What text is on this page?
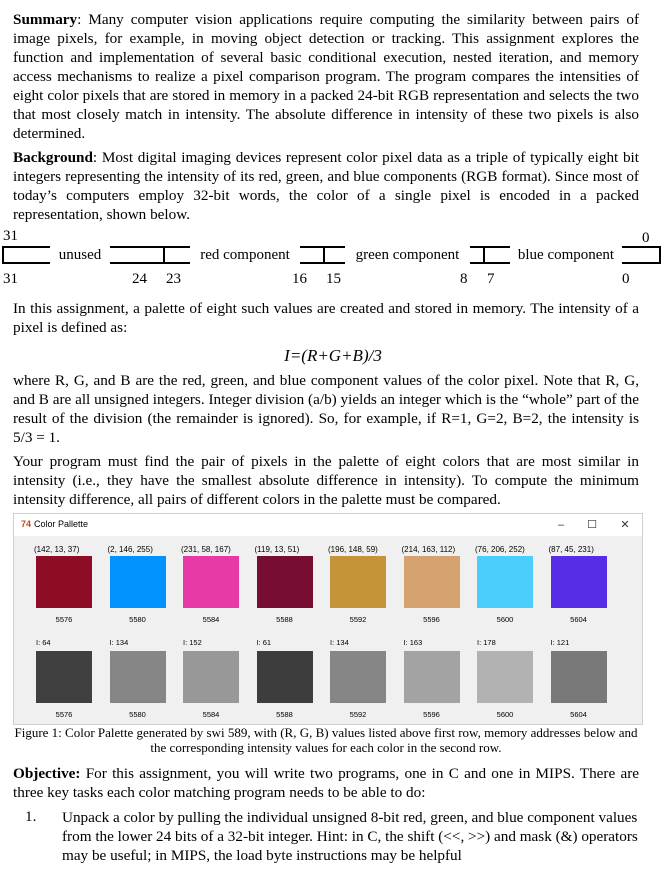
Summary: Many computer vision applications require computing the similarity between pairs of image pixels, for example, in moving object detection or tracking. This assignment explores the function and implementation of several basic conditional execution, nested iteration, and memory access mechanisms to realize a pixel comparison program. The program compares the intensities of eight color pixels that are stored in memory in a packed 24-bit RGB representation and selects the two that most closely match in intensity. The absolute difference in intensity of these two pixels is also determined.

Background: Most digital imaging devices represent color pixel data as a triple of typically eight bit integers representing the intensity of its red, green, and blue components (RGB format). Since most of today’s computers employ 32-bit words, the color of a single pixel is encoded in a packed representation, shown below.

31	0
unused	red component	green component	blue component
31	24 23	16 15	8 7	0

In this assignment, a palette of eight such values are created and stored in memory. The intensity of a pixel is defined as:

I=(R+G+B)/3

where R, G, and B are the red, green, and blue component values of the color pixel. Note that R, G, and B are all unsigned integers. Integer division (a/b) yields an integer which is the “whole” part of the result of the division (the remainder is ignored). So, for example, if R=1, G=2, B=2, the intensity is 5/3 = 1.

Your program must find the pair of pixels in the palette of eight colors that are most similar in intensity (i.e., they have the smallest absolute difference in intensity). To compute the minimum intensity difference, all pairs of different colors in the palette must be compared.

74 Color Pallette	–	☐	✕
(142, 13, 37)
5576
I: 64
5576
(2, 146, 255)
5580
I: 134
5580
(231, 58, 167)
5584
I: 152
5584
(119, 13, 51)
5588
I: 61
5588
(196, 148, 59)
5592
I: 134
5592
(214, 163, 112)
5596
I: 163
5596
(76, 206, 252)
5600
I: 178
5600
(87, 45, 231)
5604
I: 121
5604
Figure 1: Color Palette generated by swi 589, with (R, G, B) values listed above first row, memory addresses below and the corresponding intensity values for each color in the second row.

Objective: For this assignment, you will write two programs, one in C and one in MIPS. There are three key tasks each color matching program needs to be able to do:

1. Unpack a color by pulling the individual unsigned 8-bit red, green, and blue component values from the lower 24 bits of a 32-bit integer. Hint: in C, the shift (<<, >>) and mask (&) operators may be useful; in MIPS, the load byte instructions may be helpful
